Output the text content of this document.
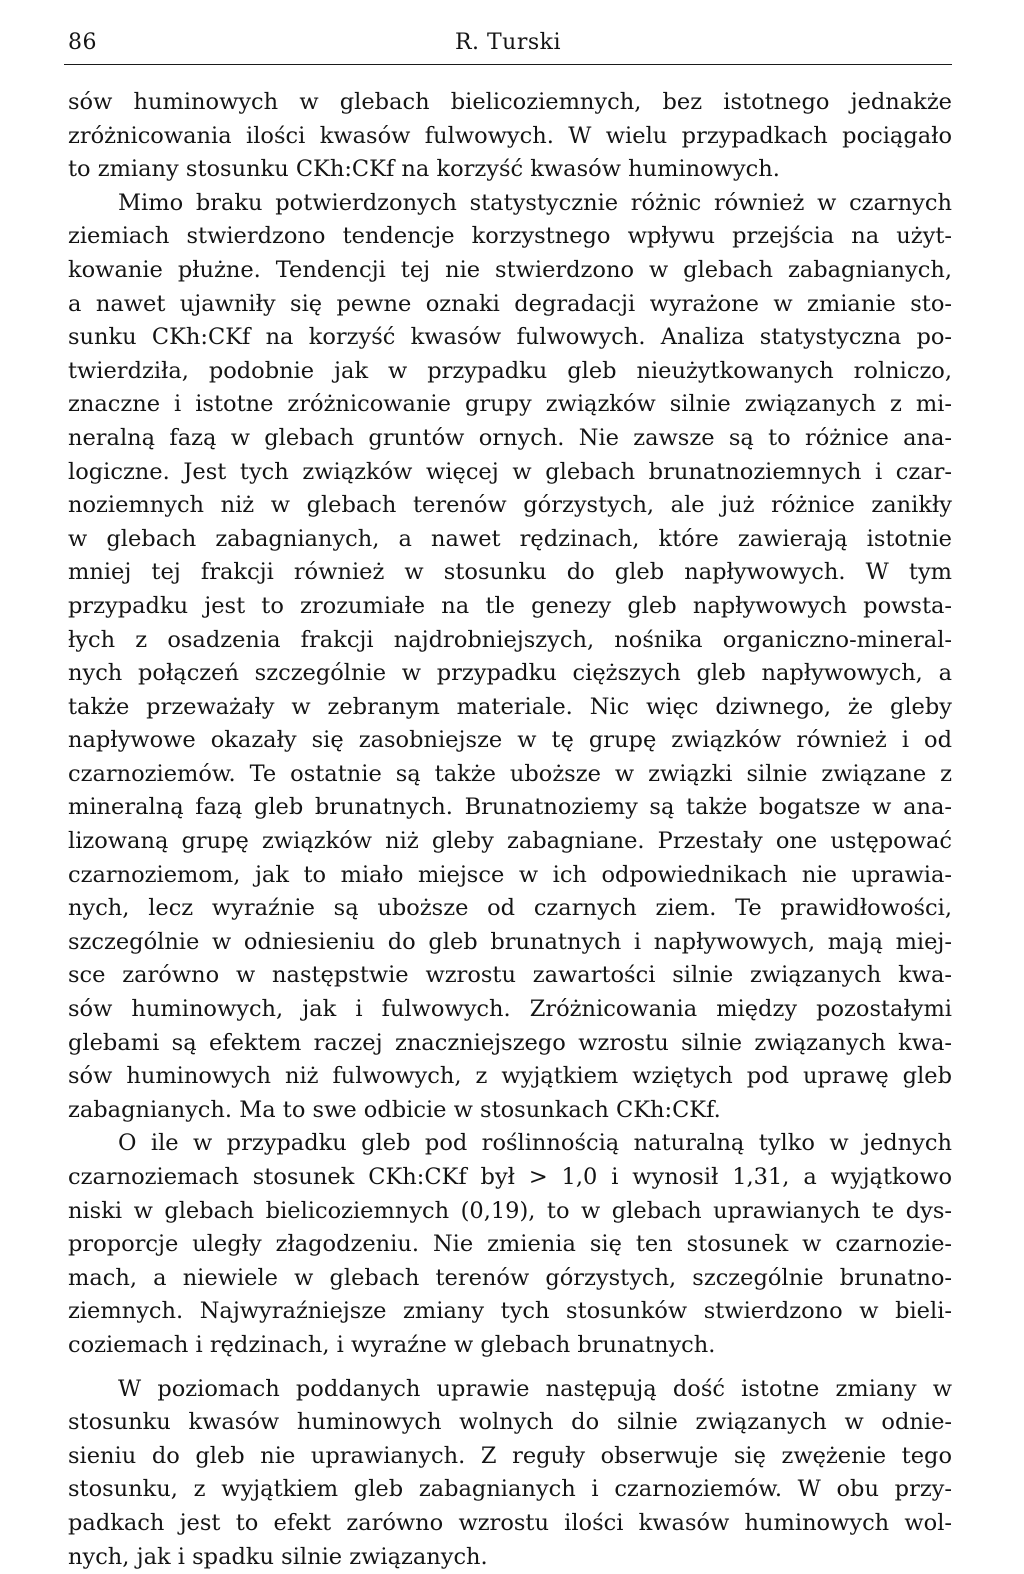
86	R. Turski
sów huminowych w glebach bielicoziemnych, bez istotnego jednakże
zróżnicowania ilości kwasów fulwowych. W wielu przypadkach pociągało
to zmiany stosunku CKh:CKf na korzyść kwasów huminowych.
Mimo braku potwierdzonych statystycznie różnic również w czarnych
ziemiach stwierdzono tendencje korzystnego wpływu przejścia na użyt-
kowanie płużne. Tendencji tej nie stwierdzono w glebach zabagnianych,
a nawet ujawniły się pewne oznaki degradacji wyrażone w zmianie sto-
sunku CKh:CKf na korzyść kwasów fulwowych. Analiza statystyczna po-
twierdziła, podobnie jak w przypadku gleb nieużytkowanych rolniczo,
znaczne i istotne zróżnicowanie grupy związków silnie związanych z mi-
neralną fazą w glebach gruntów ornych. Nie zawsze są to różnice ana-
logiczne. Jest tych związków więcej w glebach brunatnoziemnych i czar-
noziemnych niż w glebach terenów górzystych, ale już różnice zanikły
w glebach zabagnianych, a nawet rędzinach, które zawierają istotnie
mniej tej frakcji również w stosunku do gleb napływowych. W tym
przypadku jest to zrozumiałe na tle genezy gleb napływowych powsta-
łych z osadzenia frakcji najdrobniejszych, nośnika organiczno-mineral-
nych połączeń szczególnie w przypadku cięższych gleb napływowych, a
także przeważały w zebranym materiale. Nic więc dziwnego, że gleby
napływowe okazały się zasobniejsze w tę grupę związków również i od
czarnoziemów. Te ostatnie są także uboższe w związki silnie związane z
mineralną fazą gleb brunatnych. Brunatnoziemy są także bogatsze w ana-
lizowaną grupę związków niż gleby zabagniane. Przestały one ustępować
czarnoziemom, jak to miało miejsce w ich odpowiednikach nie uprawia-
nych, lecz wyraźnie są uboższe od czarnych ziem. Te prawidłowości,
szczególnie w odniesieniu do gleb brunatnych i napływowych, mają miej-
sce zarówno w następstwie wzrostu zawartości silnie związanych kwa-
sów huminowych, jak i fulwowych. Zróżnicowania między pozostałymi
glebami są efektem raczej znaczniejszego wzrostu silnie związanych kwa-
sów huminowych niż fulwowych, z wyjątkiem wziętych pod uprawę gleb
zabagnianych. Ma to swe odbicie w stosunkach CKh:CKf.
O ile w przypadku gleb pod roślinnością naturalną tylko w jednych
czarnoziemach stosunek CKh:CKf był > 1,0 i wynosił 1,31, a wyjątkowo
niski w glebach bielicoziemnych (0,19), to w glebach uprawianych te dys-
proporcje uległy złagodzeniu. Nie zmienia się ten stosunek w czarnozie-
mach, a niewiele w glebach terenów górzystych, szczególnie brunatno-
ziemnych. Najwyraźniejsze zmiany tych stosunków stwierdzono w bieli-
coziemach i rędzinach, i wyraźne w glebach brunatnych.
W poziomach poddanych uprawie następują dość istotne zmiany w
stosunku kwasów huminowych wolnych do silnie związanych w odnie-
sieniu do gleb nie uprawianych. Z reguły obserwuje się zwężenie tego
stosunku, z wyjątkiem gleb zabagnianych i czarnoziemów. W obu przy-
padkach jest to efekt zarówno wzrostu ilości kwasów huminowych wol-
nych, jak i spadku silnie związanych.
